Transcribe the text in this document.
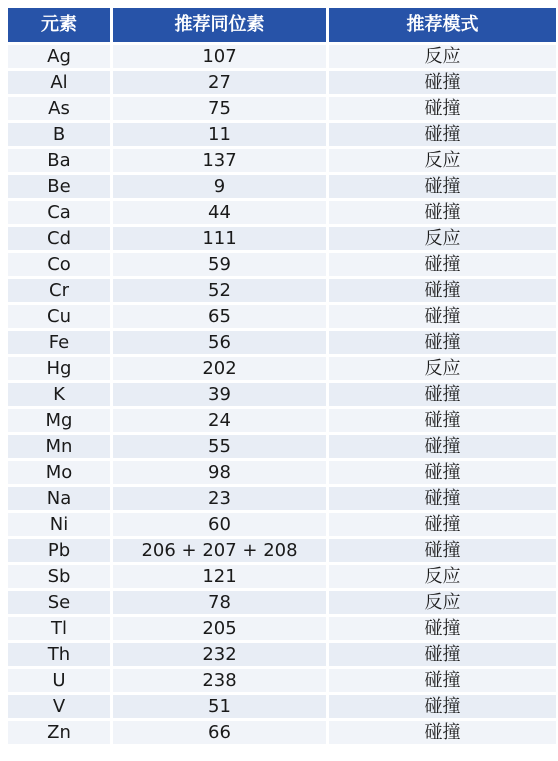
元素	推荐同位素	推荐模式
Ag	107	反应
Al	27	碰撞
As	75	碰撞
B	11	碰撞
Ba	137	反应
Be	9	碰撞
Ca	44	碰撞
Cd	111	反应
Co	59	碰撞
Cr	52	碰撞
Cu	65	碰撞
Fe	56	碰撞
Hg	202	反应
K	39	碰撞
Mg	24	碰撞
Mn	55	碰撞
Mo	98	碰撞
Na	23	碰撞
Ni	60	碰撞
Pb	206 + 207 + 208	碰撞
Sb	121	反应
Se	78	反应
Tl	205	碰撞
Th	232	碰撞
U	238	碰撞
V	51	碰撞
Zn	66	碰撞
